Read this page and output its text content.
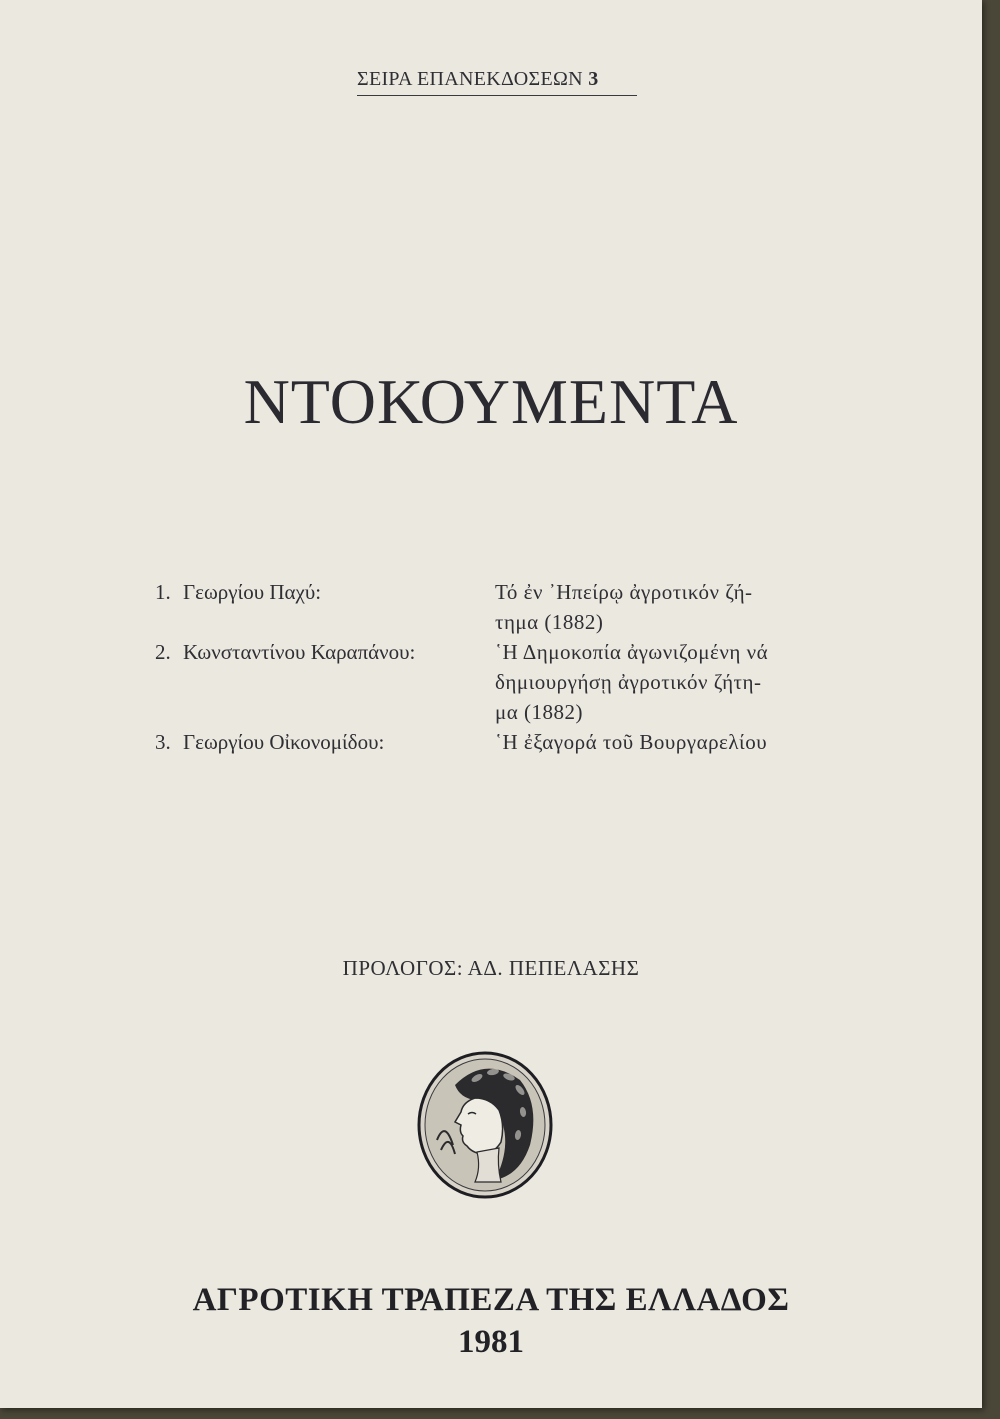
ΣΕΙΡΑ ΕΠΑΝΕΚΔΟΣΕΩΝ 3
ΝΤΟΚΟΥΜΕΝΤΑ
1. Γεωργίου Παχύ:	Τό ἐν ᾿Ηπείρῳ ἀγροτικόν ζή-
τημα (1882)
2. Κωνσταντίνου Καραπάνου:	῾Η Δημοκοπία ἀγωνιζομένη νά
δημιουργήσῃ ἀγροτικόν ζήτη-
μα (1882)
3. Γεωργίου Οἰκονομίδου:	῾Η ἐξαγορά τοῦ Βουργαρελίου
ΠΡΟΛΟΓΟΣ: ΑΔ. ΠΕΠΕΛΑΣΗΣ
ΑΓΡΟΤΙΚΗ ΤΡΑΠΕΖΑ ΤΗΣ ΕΛΛΑΔΟΣ
1981
